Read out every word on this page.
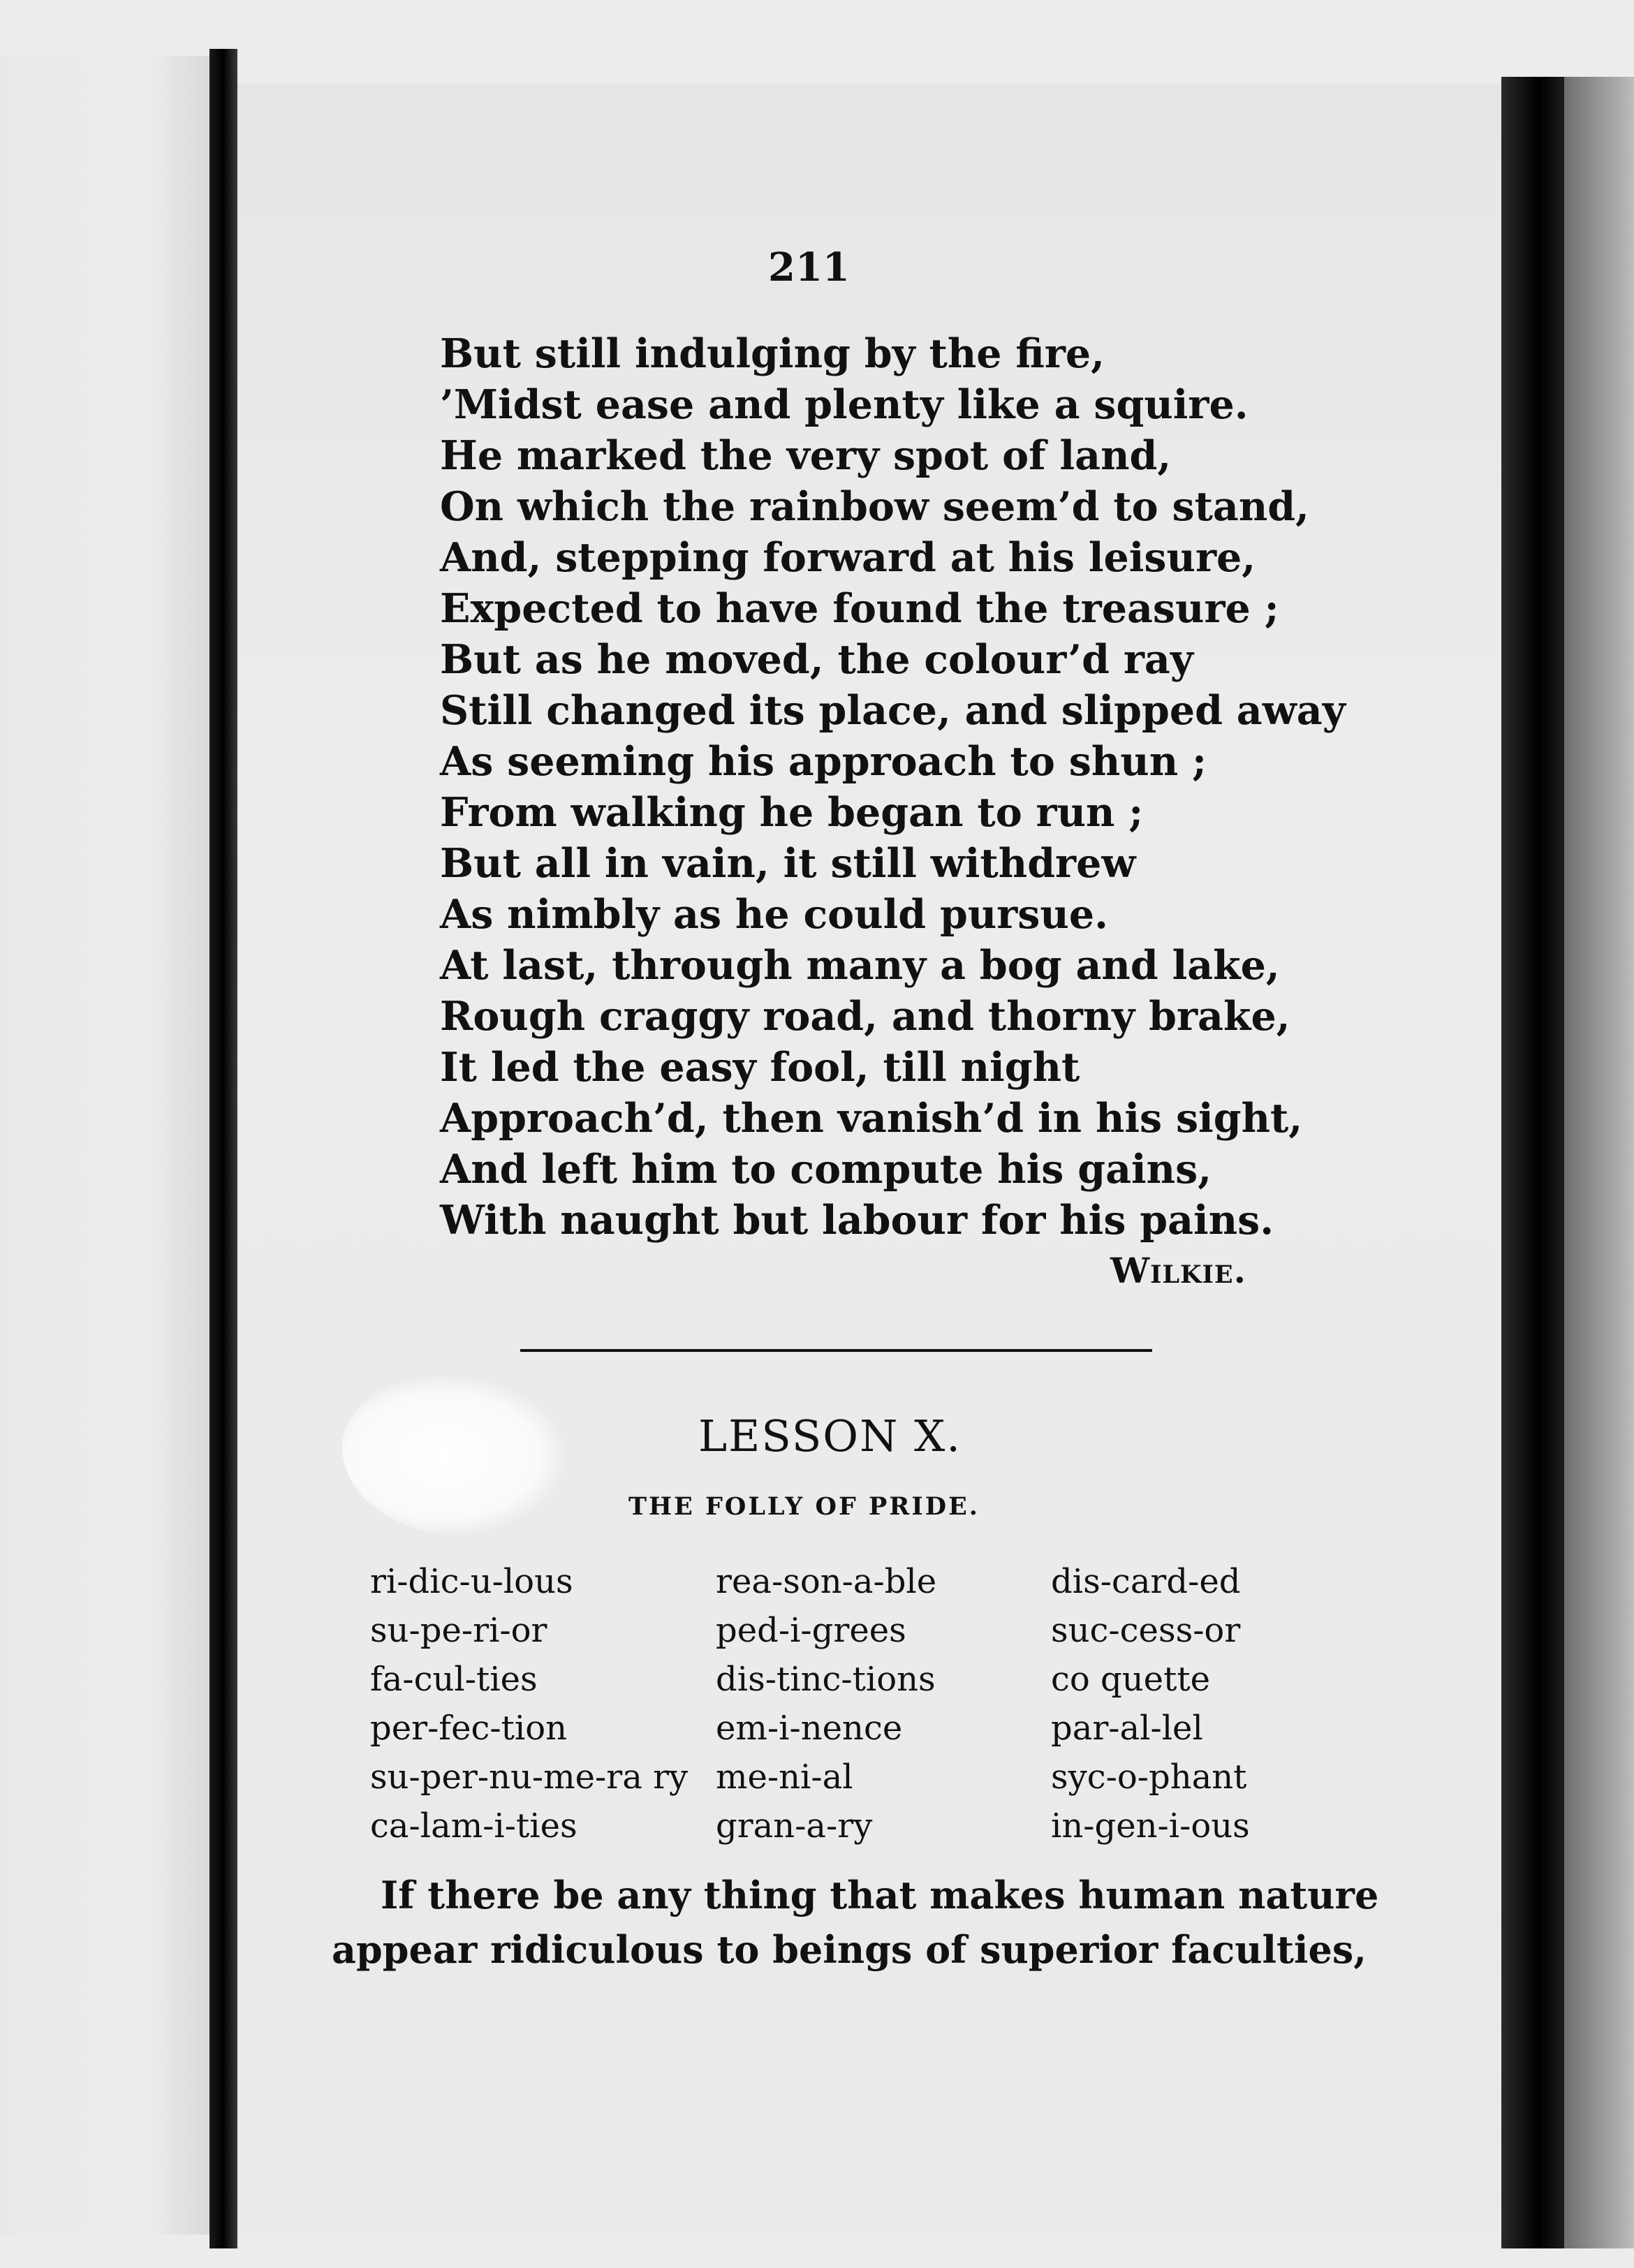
211
But still indulging by the fire,
’Midst ease and plenty like a squire.
He marked the very spot of land,
On which the rainbow seem’d to stand,
And, stepping forward at his leisure,
Expected to have found the treasure ;
But as he moved, the colour’d ray
Still changed its place, and slipped away
As seeming his approach to shun ;
From walking he began to run ;
But all in vain, it still withdrew
As nimbly as he could pursue.
At last, through many a bog and lake,
Rough craggy road, and thorny brake,
It led the easy fool, till night
Approach’d, then vanish’d in his sight,
And left him to compute his gains,
With naught but labour for his pains.
Wilkie.
LESSON X.
THE FOLLY OF PRIDE.
ri-dic-u-lous
su-pe-ri-or
fa-cul-ties
per-fec-tion
su-per-nu-me-ra ry
ca-lam-i-ties
rea-son-a-ble
ped-i-grees
dis-tinc-tions
em-i-nence
me-ni-al
gran-a-ry
dis-card-ed
suc-cess-or
co quette
par-al-lel
syc-o-phant
in-gen-i-ous
If there be any thing that makes human nature
appear ridiculous to beings of superior faculties,
